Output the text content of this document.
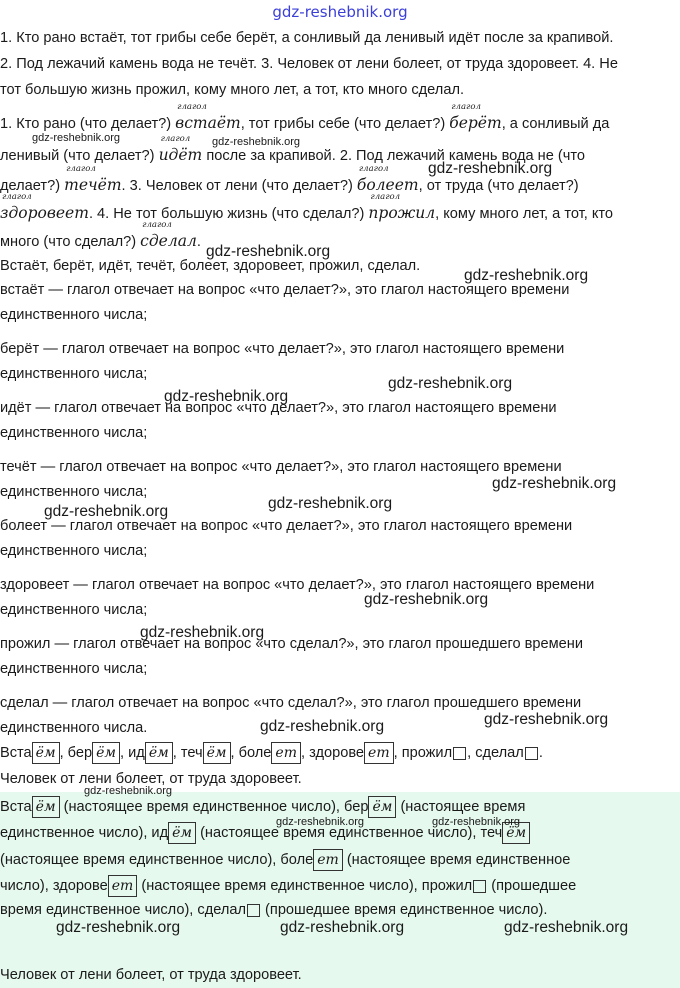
gdz-reshebnik.org
1. Кто рано встаёт, тот грибы себе берёт, а сонливый да ленивый идёт после за крапивой.
2. Под лежачий камень вода не течёт. 3. Человек от лени болеет, от труда здоровеет. 4. Не
тот большую жизнь прожил, кому много лет, а тот, кто много сделал.
1. Кто рано (что делает?)
глагол
встаёт, тот грибы себе (что делает?)
глагол
берёт, а сонливый да
ленивый (что делает?)
глагол
идёт после за крапивой. 2. Под лежачий камень вода не (что
делает?)
глагол
течёт. 3. Человек от лени (что делает?)
глагол
болеет, от труда (что делает?)
глагол
здоровеет. 4. Не тот большую жизнь (что сделал?)
глагол
прожил, кому много лет, а тот, кто
много (что сделал?)
глагол
сделал.
Встаёт, берёт, идёт, течёт, болеет, здоровеет, прожил, сделал.
встаёт — глагол отвечает на вопрос «что делает?», это глагол настоящего времени
единственного числа;
берёт — глагол отвечает на вопрос «что делает?», это глагол настоящего времени
единственного числа;
идёт — глагол отвечает на вопрос «что делает?», это глагол настоящего времени
единственного числа;
течёт — глагол отвечает на вопрос «что делает?», это глагол настоящего времени
единственного числа;
болеет — глагол отвечает на вопрос «что делает?», это глагол настоящего времени
единственного числа;
здоровеет — глагол отвечает на вопрос «что делает?», это глагол настоящего времени
единственного числа;
прожил — глагол отвечает на вопрос «что сделал?», это глагол прошедшего времени
единственного числа;
сделал — глагол отвечает на вопрос «что сделал?», это глагол прошедшего времени
единственного числа.
Вста ём , бер ём , ид ём , теч ём , боле ет , здорове ет , прожил , сделал .
Человек от лени болеет, от труда здоровеет.
Вста ём (настоящее время единственное число), бер ём (настоящее время
единственное число), ид ём (настоящее время единственное число), теч ём
(настоящее время единственное число), боле ет (настоящее время единственное
число), здорове ет (настоящее время единственное число), прожил (прошедшее
время единственное число), сделал (прошедшее время единственное число).
Человек от лени болеет, от труда здоровеет.
gdz-reshebnik.org	gdz-reshebnik.org
gdz-reshebnik.org
gdz-reshebnik.org
gdz-reshebnik.org
gdz-reshebnik.org
gdz-reshebnik.org
gdz-reshebnik.org
gdz-reshebnik.org
gdz-reshebnik.org
gdz-reshebnik.org
gdz-reshebnik.org
gdz-reshebnik.org	gdz-reshebnik.org
gdz-reshebnik.org
gdz-reshebnik.org	gdz-reshebnik.org
gdz-reshebnik.org	gdz-reshebnik.org	gdz-reshebnik.org
